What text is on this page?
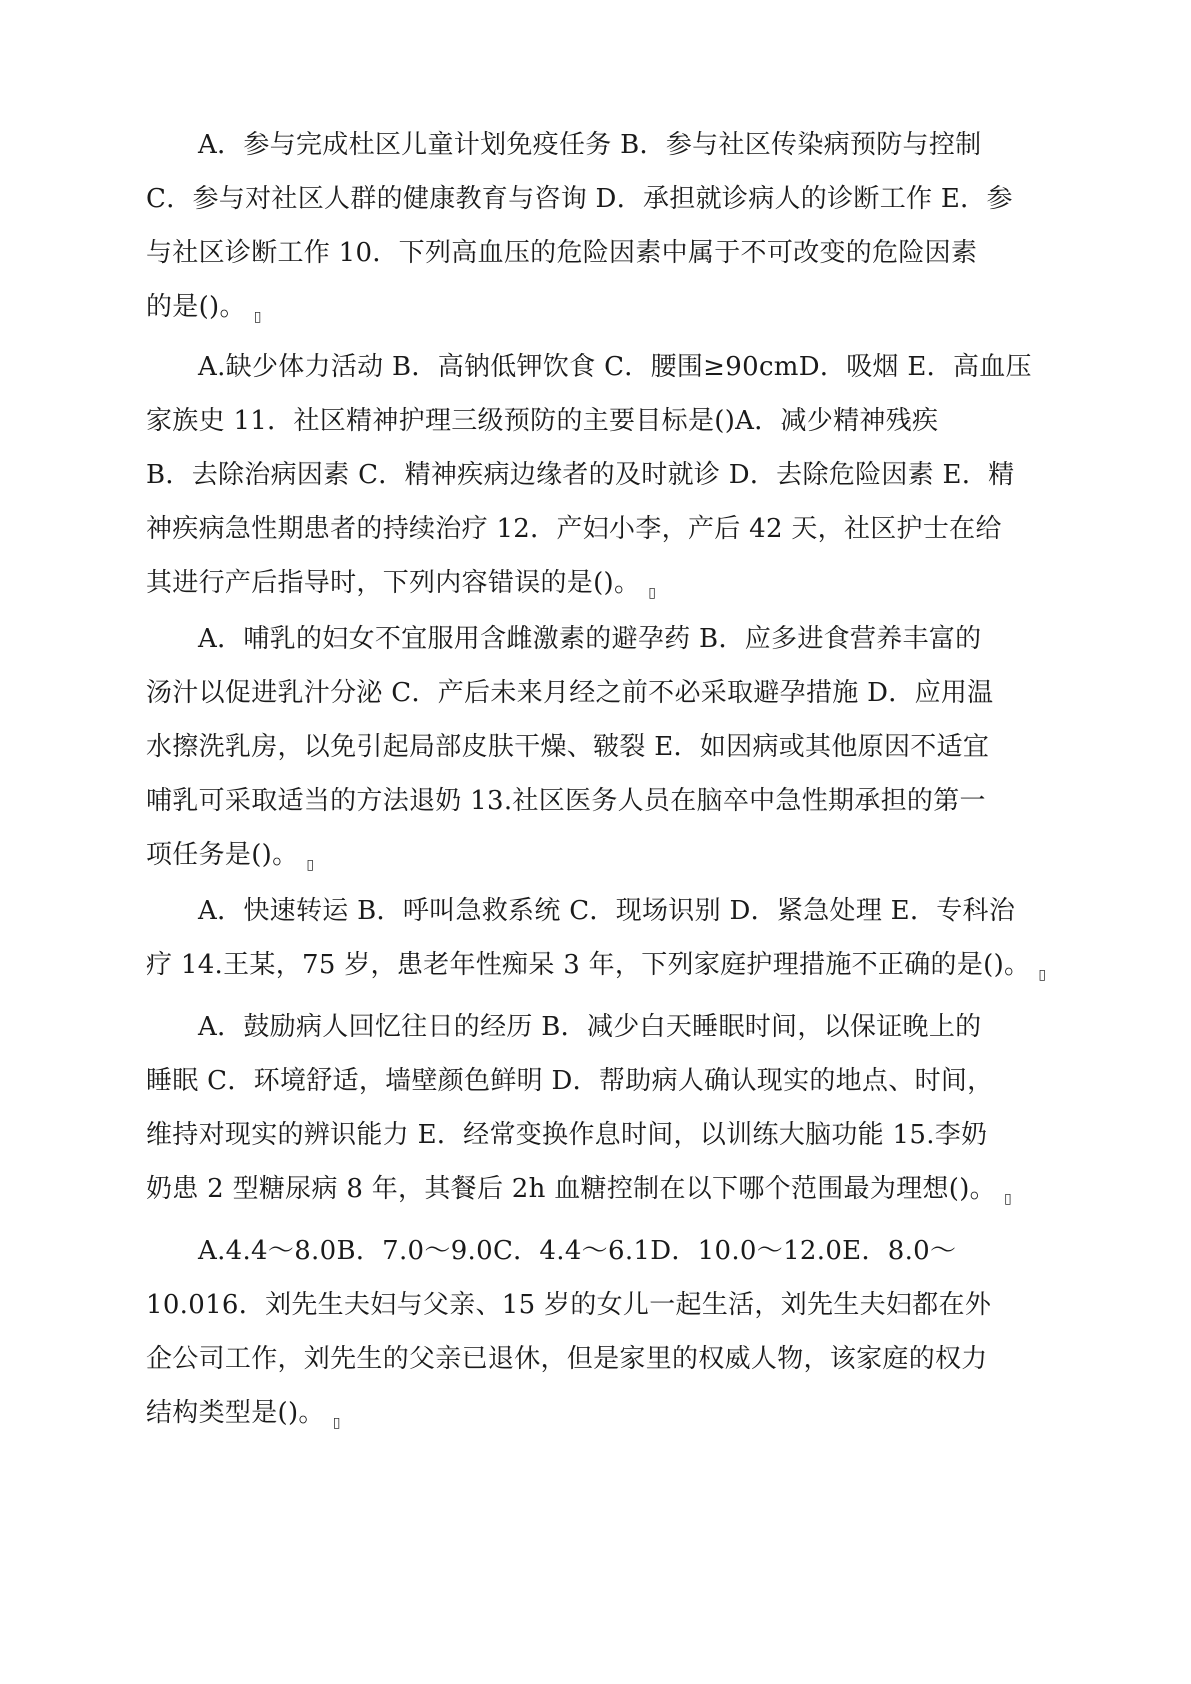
A．参与完成杜区儿童计划免疫任务 B．参与社区传染病预防与控制
C．参与对社区人群的健康教育与咨询 D．承担就诊病人的诊断工作 E．参
与社区诊断工作 10．下列高血压的危险因素中属于不可改变的危险因素
的是()。 ▯
A.缺少体力活动 B．高钠低钾饮食 C．腰围≥90cmD．吸烟 E．高血压
家族史 11．社区精神护理三级预防的主要目标是()A．减少精神残疾
B．去除治病因素 C．精神疾病边缘者的及时就诊 D．去除危险因素 E．精
神疾病急性期患者的持续治疗 12．产妇小李，产后 42 天，社区护士在给
其进行产后指导时，下列内容错误的是()。 ▯
A．哺乳的妇女不宜服用含雌激素的避孕药 B．应多进食营养丰富的
汤汁以促进乳汁分泌 C．产后未来月经之前不必采取避孕措施 D．应用温
水擦洗乳房，以免引起局部皮肤干燥、皲裂 E．如因病或其他原因不适宜
哺乳可采取适当的方法退奶 13.社区医务人员在脑卒中急性期承担的第一
项任务是()。 ▯
A．快速转运 B．呼叫急救系统 C．现场识别 D．紧急处理 E．专科治
疗 14.王某，75 岁，患老年性痴呆 3 年，下列家庭护理措施不正确的是()。 ▯
A．鼓励病人回忆往日的经历 B．减少白天睡眠时间，以保证晚上的
睡眠 C．环境舒适，墙壁颜色鲜明 D．帮助病人确认现实的地点、时间，
维持对现实的辨识能力 E．经常变换作息时间，以训练大脑功能 15.李奶
奶患 2 型糖尿病 8 年，其餐后 2h 血糖控制在以下哪个范围最为理想()。 ▯
A.4.4～8.0B．7.0～9.0C．4.4～6.1D．10.0～12.0E．8.0～
10.016．刘先生夫妇与父亲、15 岁的女儿一起生活，刘先生夫妇都在外
企公司工作，刘先生的父亲已退休，但是家里的权威人物，该家庭的权力
结构类型是()。 ▯
